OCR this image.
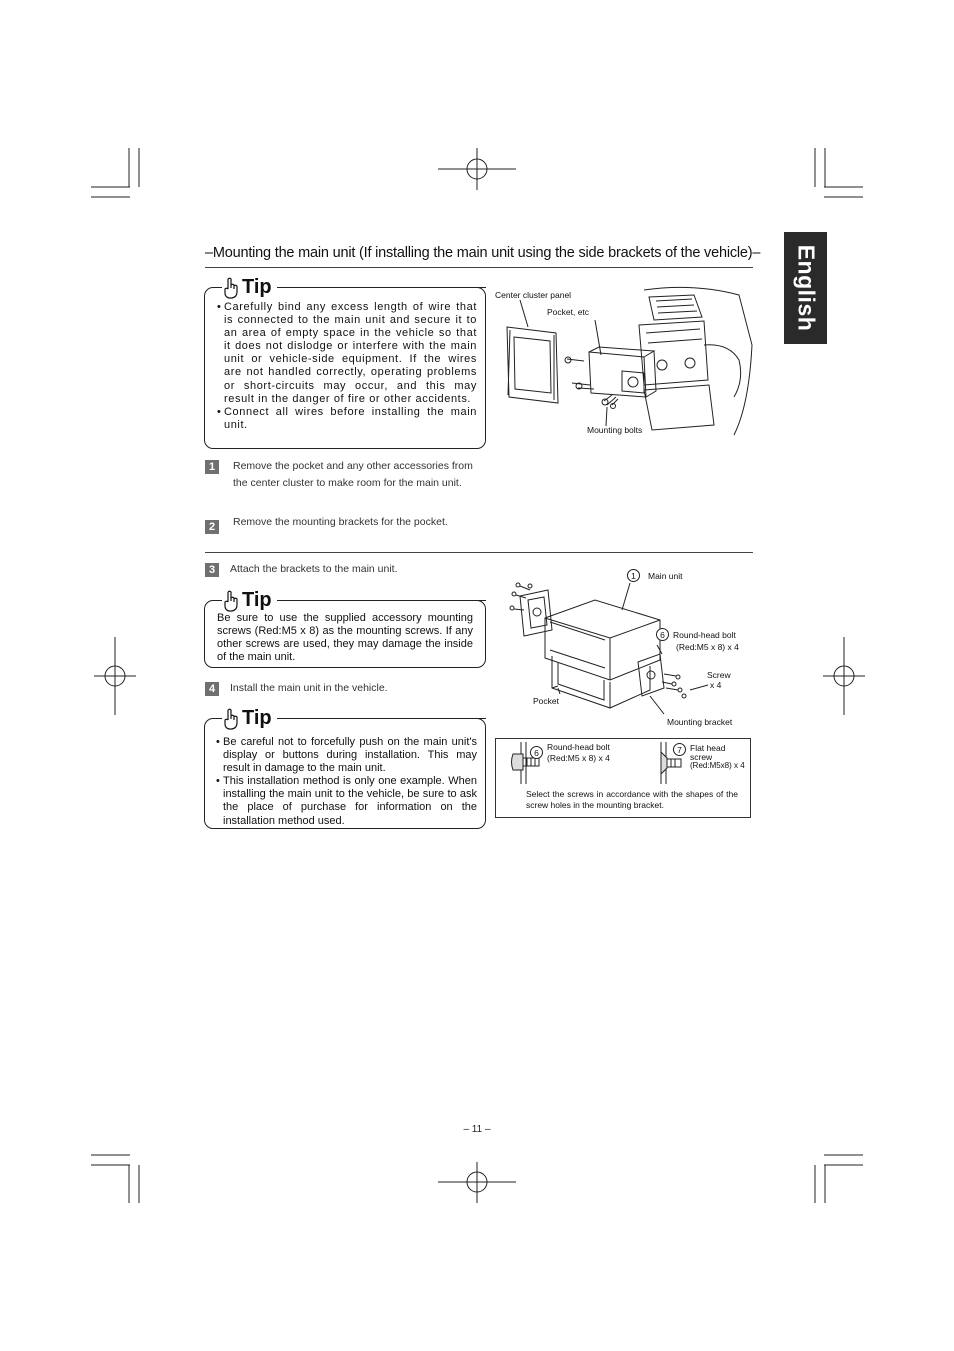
English
–Mounting the main unit (If installing the main unit using the side brackets of the vehicle)–
Tip
• Carefully bind any excess length of wire that is connected to the main unit and secure it to an area of empty space in the vehicle so that it does not dislodge or interfere with the main unit or vehicle-side equipment. If the wires are not handled correctly, operating problems or short-circuits may occur, and this may result in the danger of fire or other accidents.
• Connect all wires before installing the main unit.
1	Remove the pocket and any other accessories from the center cluster to make room for the main unit.
2	Remove the mounting brackets for the pocket.
Center cluster panel
Pocket, etc
Mounting bolts
3	Attach the brackets to the main unit.
Tip
Be sure to use the supplied accessory mounting screws (Red:M5 x 8) as the mounting screws. If any other screws are used, they may damage the inside of the main unit.
4	Install the main unit in the vehicle.
Tip
• Be careful not to forcefully push on the main unit's display or buttons during installation. This may result in damage to the main unit.
• This installation method is only one example. When installing the main unit to the vehicle, be sure to ask the place of purchase for information on the installation method used.
1	Main unit
6 Round-head bolt
(Red:M5 x 8) x 4
Screw
x 4
Pocket
Mounting bracket
6
Round-head bolt
(Red:M5 x 8) x 4
7 Flat head
screw
(Red:M5x8) x 4
Select the screws in accordance with the shapes of the screw holes in the mounting bracket.
– 11 –
